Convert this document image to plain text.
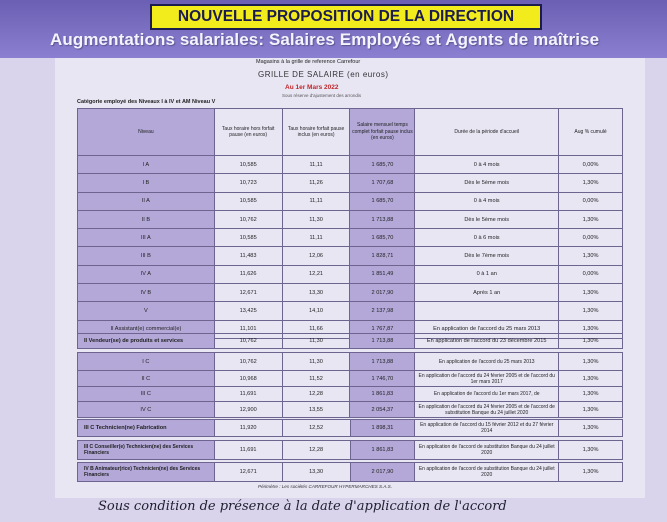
NOUVELLE PROPOSITION DE LA DIRECTION
Augmentations salariales: Salaires Employés et Agents de maîtrise
Magasins à la grille de reference Carrefour
GRILLE DE SALAIRE (en euros)
Au 1er Mars 2022
Sous réserve d'ajustement des arrondis
Catégorie employé des Niveaux I à IV et AM Niveau V
Niveau	Taux horaire hors forfait pause (en euros)	Taux horaire forfait pause inclus (en euros)	Salaire mensuel temps complet forfait pause inclus (en euros)	Durée de la période d'accueil	Aug % cumulé
I A	10,585	11,11	1 685,70	0 à 4 mois	0,00%
I B	10,723	11,26	1 707,68	Dès le 5ème mois	1,30%
II A	10,585	11,11	1 685,70	0 à 4 mois	0,00%
II B	10,762	11,30	1 713,88	Dès le 5ème mois	1,30%
III A	10,585	11,11	1 685,70	0 à 6 mois	0,00%
III B	11,483	12,06	1 828,71	Dès le 7ème mois	1,30%
IV A	11,626	12,21	1 851,49	0 à 1 an	0,00%
IV B	12,671	13,30	2 017,90	Après 1 an	1,30%
V	13,425	14,10	2 137,98		1,30%
II Assistant(e) commercial(e)	11,101	11,66	1 767,87	En application de l'accord du 25 mars 2013	1,30%
II Vendeur(se) de produits et services	10,762	11,30	1 713,88	En application de l'accord du 23 décembre 2015	1,30%
I C	10,762	11,30	1 713,88	En application de l'accord du 25 mars 2013	1,30%
II C	10,968	11,52	1 746,70	En application de l'accord du 24 février 2005 et de l'accord du 1er mars 2017	1,30%
III C	11,691	12,28	1 861,83	En application de l'accord du 1er mars 2017, de	1,30%
IV C	12,900	13,55	2 054,37	En application de l'accord du 24 février 2005 et de l'accord de substitution Banque du 24 juillet 2020	1,30%
III C Technicien(ne) Fabrication	11,920	12,52	1 898,31	En application de l'accord du 15 février 2012 et du 27 février 2014	1,30%
III C Conseiller(e) Technicien(ne) des Services Financiers	11,691	12,28	1 861,83	En application de l'accord de substitution Banque du 24 juillet 2020	1,30%
IV B Animateur(rice) Technicien(ne) des Services Financiers	12,671	13,30	2 017,90	En application de l'accord de substitution Banque du 24 juillet 2020	1,30%
Périmètre : Les sociétés CARREFOUR HYPERMARCHES S.A.S.
Sous condition de présence à la date d'application de l'accord
